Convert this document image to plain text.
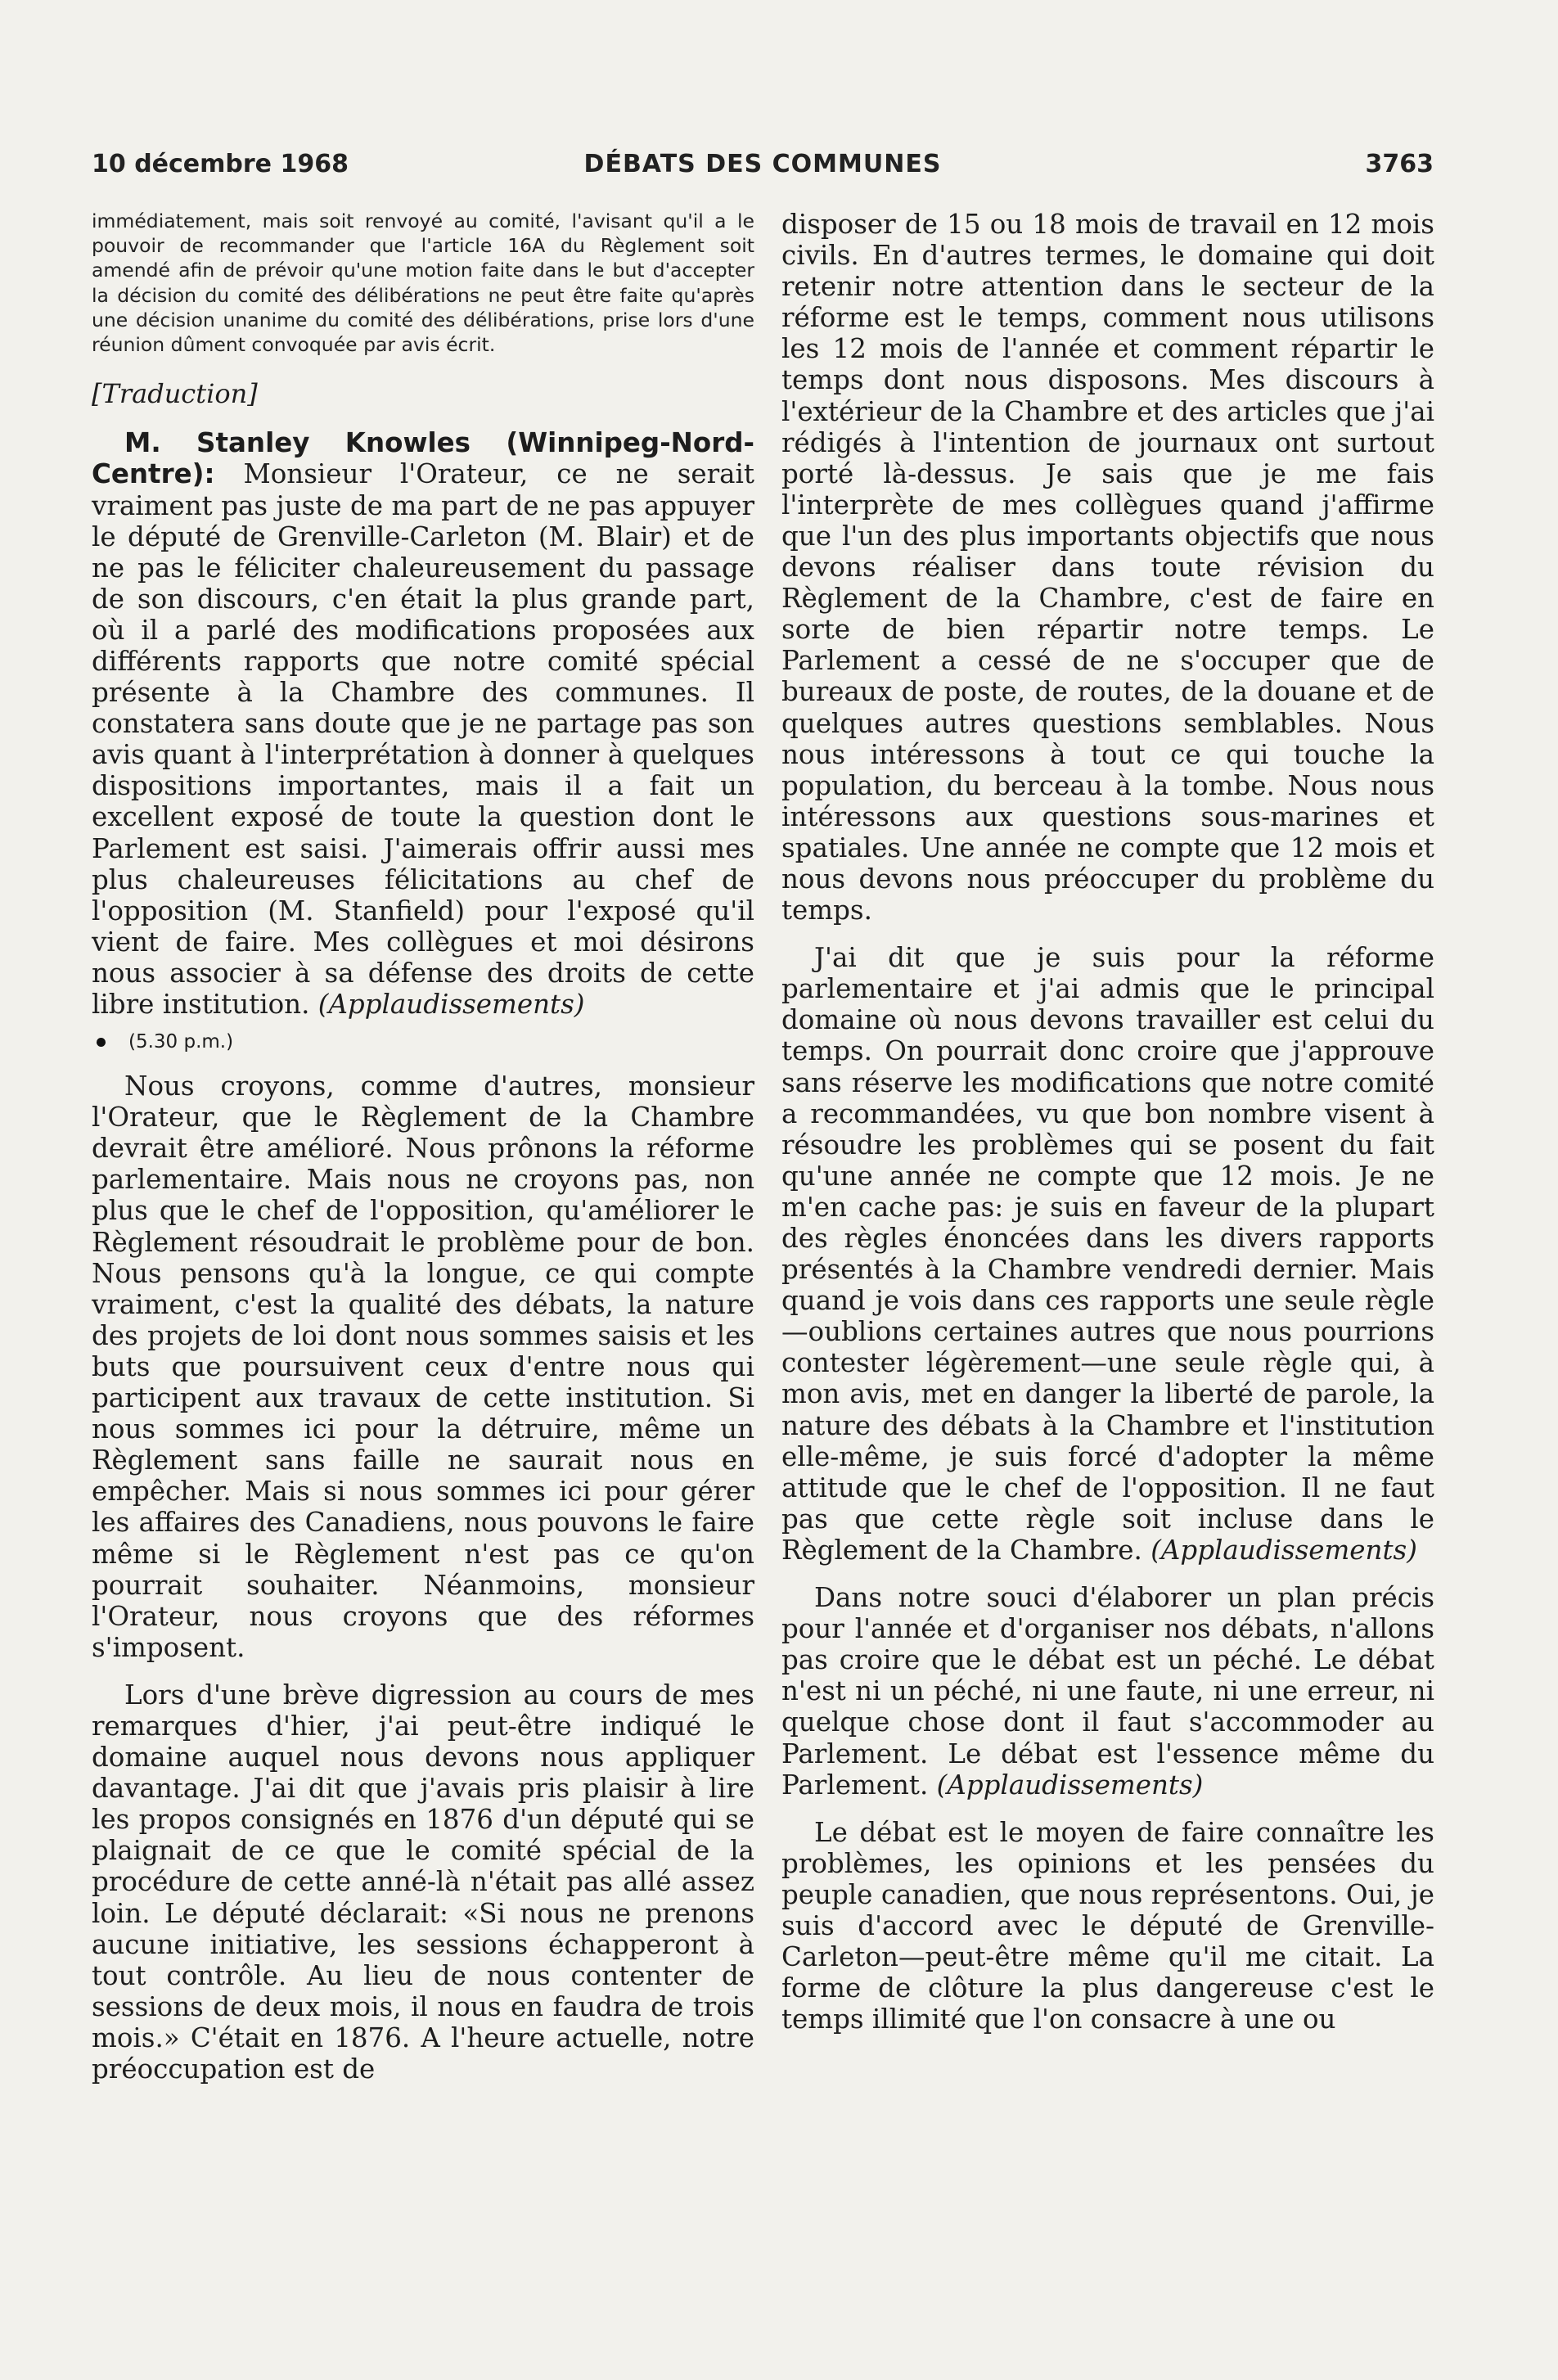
10 décembre 1968	DÉBATS DES COMMUNES	3763

immédiatement, mais soit renvoyé au comité, l'avisant qu'il a le pouvoir de recommander que l'article 16A du Règlement soit amendé afin de prévoir qu'une motion faite dans le but d'accepter la décision du comité des délibérations ne peut être faite qu'après une décision unanime du comité des délibérations, prise lors d'une réunion dûment convoquée par avis écrit.

[Traduction]

M. Stanley Knowles (Winnipeg-Nord-Centre): Monsieur l'Orateur, ce ne serait vraiment pas juste de ma part de ne pas appuyer le député de Grenville-Carleton (M. Blair) et de ne pas le féliciter chaleureusement du passage de son discours, c'en était la plus grande part, où il a parlé des modifications proposées aux différents rapports que notre comité spécial présente à la Chambre des communes. Il constatera sans doute que je ne partage pas son avis quant à l'interprétation à donner à quelques dispositions importantes, mais il a fait un excellent exposé de toute la question dont le Parlement est saisi. J'aimerais offrir aussi mes plus chaleureuses félicitations au chef de l'opposition (M. Stanfield) pour l'exposé qu'il vient de faire. Mes collègues et moi désirons nous associer à sa défense des droits de cette libre institution. (Applaudissements)

(5.30 p.m.)

Nous croyons, comme d'autres, monsieur l'Orateur, que le Règlement de la Chambre devrait être amélioré. Nous prônons la réforme parlementaire. Mais nous ne croyons pas, non plus que le chef de l'opposition, qu'améliorer le Règlement résoudrait le problème pour de bon. Nous pensons qu'à la longue, ce qui compte vraiment, c'est la qualité des débats, la nature des projets de loi dont nous sommes saisis et les buts que poursuivent ceux d'entre nous qui participent aux travaux de cette institution. Si nous sommes ici pour la détruire, même un Règlement sans faille ne saurait nous en empêcher. Mais si nous sommes ici pour gérer les affaires des Canadiens, nous pouvons le faire même si le Règlement n'est pas ce qu'on pourrait souhaiter. Néanmoins, monsieur l'Orateur, nous croyons que des réformes s'imposent.

Lors d'une brève digression au cours de mes remarques d'hier, j'ai peut-être indiqué le domaine auquel nous devons nous appliquer davantage. J'ai dit que j'avais pris plaisir à lire les propos consignés en 1876 d'un député qui se plaignait de ce que le comité spécial de la procédure de cette anné-là n'était pas allé assez loin. Le député déclarait: «Si nous ne prenons aucune initiative, les sessions échapperont à tout contrôle. Au lieu de nous contenter de sessions de deux mois, il nous en faudra de trois mois.» C'était en 1876. A l'heure actuelle, notre préoccupation est de

disposer de 15 ou 18 mois de travail en 12 mois civils. En d'autres termes, le domaine qui doit retenir notre attention dans le secteur de la réforme est le temps, comment nous utilisons les 12 mois de l'année et comment répartir le temps dont nous disposons. Mes discours à l'extérieur de la Chambre et des articles que j'ai rédigés à l'intention de journaux ont surtout porté là-dessus. Je sais que je me fais l'interprète de mes collègues quand j'affirme que l'un des plus importants objectifs que nous devons réaliser dans toute révision du Règlement de la Chambre, c'est de faire en sorte de bien répartir notre temps. Le Parlement a cessé de ne s'occuper que de bureaux de poste, de routes, de la douane et de quelques autres questions semblables. Nous nous intéressons à tout ce qui touche la population, du berceau à la tombe. Nous nous intéressons aux questions sous-marines et spatiales. Une année ne compte que 12 mois et nous devons nous préoccuper du problème du temps.

J'ai dit que je suis pour la réforme parlementaire et j'ai admis que le principal domaine où nous devons travailler est celui du temps. On pourrait donc croire que j'approuve sans réserve les modifications que notre comité a recommandées, vu que bon nombre visent à résoudre les problèmes qui se posent du fait qu'une année ne compte que 12 mois. Je ne m'en cache pas: je suis en faveur de la plupart des règles énoncées dans les divers rapports présentés à la Chambre vendredi dernier. Mais quand je vois dans ces rapports une seule règle—oublions certaines autres que nous pourrions contester légèrement—une seule règle qui, à mon avis, met en danger la liberté de parole, la nature des débats à la Chambre et l'institution elle-même, je suis forcé d'adopter la même attitude que le chef de l'opposition. Il ne faut pas que cette règle soit incluse dans le Règlement de la Chambre. (Applaudissements)

Dans notre souci d'élaborer un plan précis pour l'année et d'organiser nos débats, n'allons pas croire que le débat est un péché. Le débat n'est ni un péché, ni une faute, ni une erreur, ni quelque chose dont il faut s'accommoder au Parlement. Le débat est l'essence même du Parlement. (Applaudissements)

Le débat est le moyen de faire connaître les problèmes, les opinions et les pensées du peuple canadien, que nous représentons. Oui, je suis d'accord avec le député de Grenville-Carleton—peut-être même qu'il me citait. La forme de clôture la plus dangereuse c'est le temps illimité que l'on consacre à une ou
